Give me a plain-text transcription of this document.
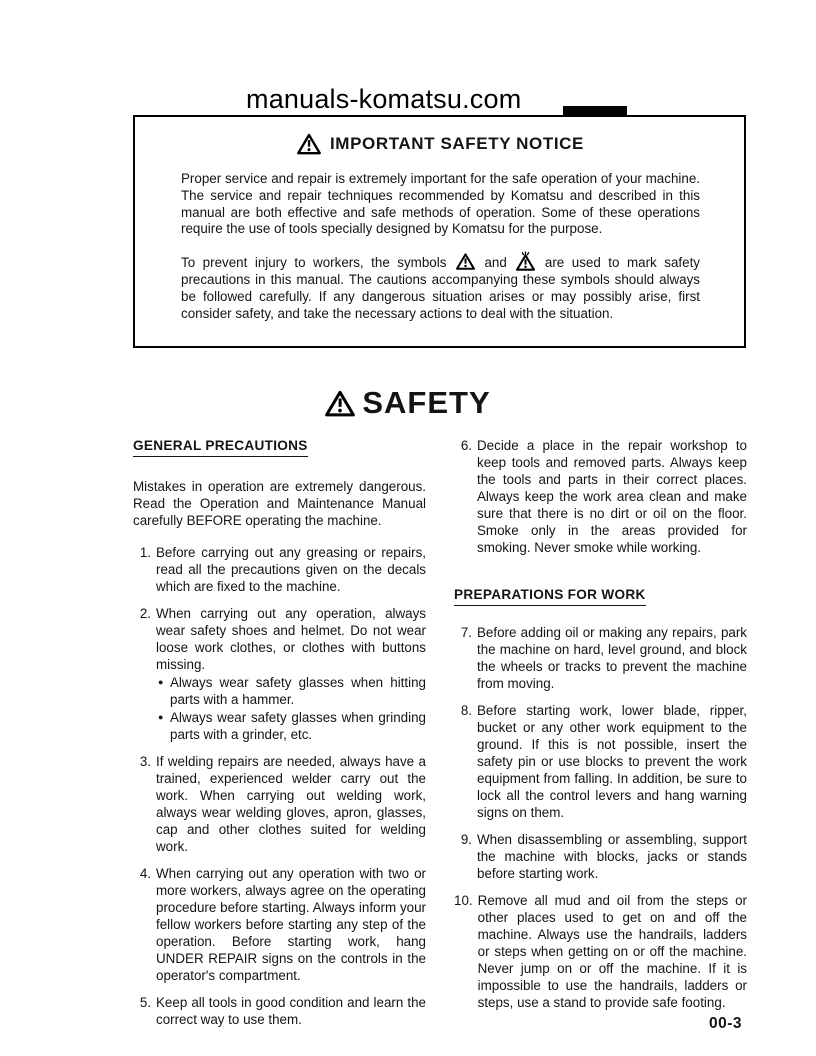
manuals-komatsu.com
IMPORTANT SAFETY NOTICE
Proper service and repair is extremely important for the safe operation of your machine. The service and repair techniques recommended by Komatsu and described in this manual are both effective and safe methods of operation. Some of these operations require the use of tools specially designed by Komatsu for the purpose.
To prevent injury to workers, the symbols	and	are used to mark safety precautions in this manual. The cautions accompanying these symbols should always be followed carefully. If any dangerous situation arises or may possibly arise, first consider safety, and take the necessary actions to deal with the situation.
SAFETY
GENERAL PRECAUTIONS
Mistakes in operation are extremely dangerous. Read the Operation and Maintenance Manual carefully BEFORE operating the machine.
1. Before carrying out any greasing or repairs, read all the precautions given on the decals which are fixed to the machine.
2. When carrying out any operation, always wear safety shoes and helmet. Do not wear loose work clothes, or clothes with buttons missing.
● Always wear safety glasses when hitting parts with a hammer.
● Always wear safety glasses when grinding parts with a grinder, etc.
3. If welding repairs are needed, always have a trained, experienced welder carry out the work. When carrying out welding work, always wear welding gloves, apron, glasses, cap and other clothes suited for welding work.
4. When carrying out any operation with two or more workers, always agree on the operating procedure before starting. Always inform your fellow workers before starting any step of the operation. Before starting work, hang UNDER REPAIR signs on the controls in the operator's compartment.
5. Keep all tools in good condition and learn the correct way to use them.
6. Decide a place in the repair workshop to keep tools and removed parts. Always keep the tools and parts in their correct places. Always keep the work area clean and make sure that there is no dirt or oil on the floor. Smoke only in the areas provided for smoking. Never smoke while working.
PREPARATIONS FOR WORK
7. Before adding oil or making any repairs, park the machine on hard, level ground, and block the wheels or tracks to prevent the machine from moving.
8. Before starting work, lower blade, ripper, bucket or any other work equipment to the ground. If this is not possible, insert the safety pin or use blocks to prevent the work equipment from falling. In addition, be sure to lock all the control levers and hang warning signs on them.
9. When disassembling or assembling, support the machine with blocks, jacks or stands before starting work.
10. Remove all mud and oil from the steps or other places used to get on and off the machine. Always use the handrails, ladders or steps when getting on or off the machine. Never jump on or off the machine. If it is impossible to use the handrails, ladders or steps, use a stand to provide safe footing.
00-3
